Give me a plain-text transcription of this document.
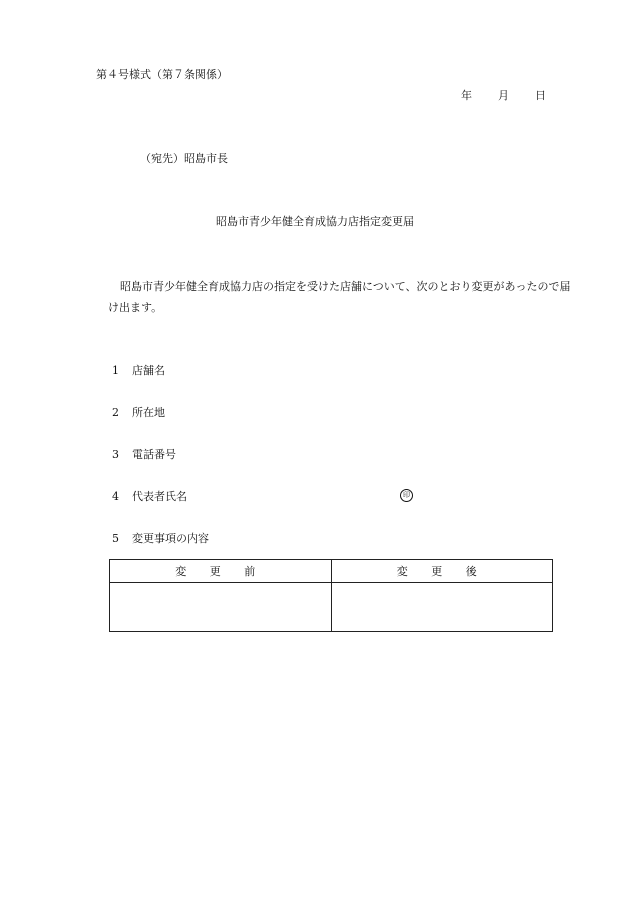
第４号様式（第７条関係）
年 月 日
（宛先）昭島市長
昭島市青少年健全育成協力店指定変更届
昭島市青少年健全育成協力店の指定を受けた店舗について、次のとおり変更があったので届け出ます。
1 店舗名
2 所在地
3 電話番号
4 代表者氏名	印
5 変更事項の内容
変 更 前	変 更 後
